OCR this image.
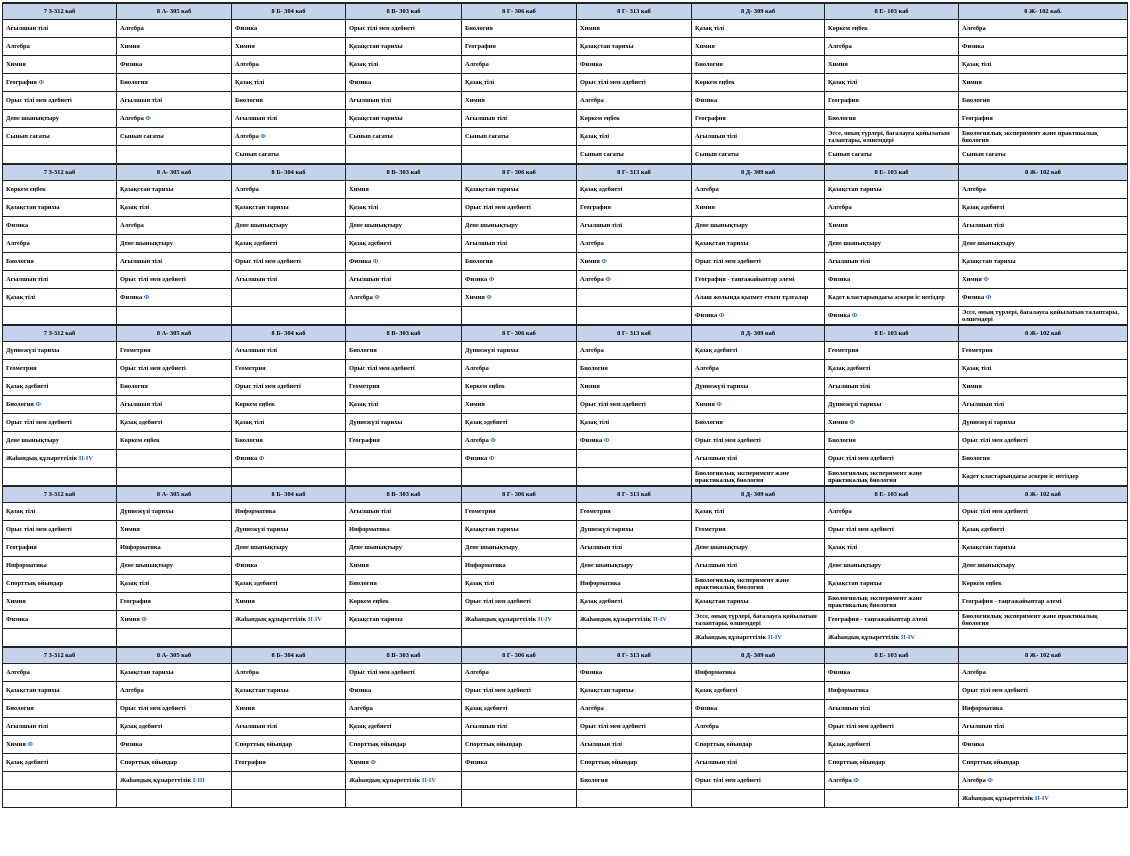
7 З-312 каб	8 А- 305 каб	8 Б- 304 каб	8 В- 303 каб	8 Г- 306 каб	8 Г- 313 каб	8 Д- 309 каб	8 Е- 103 каб	8 Ж- 102 каб.
Ағылшын тілі	Алгебра	Физика	Орыс тілі мен әдебиеті	Биология	Химия	Қазақ тілі	Көркем еңбек	Алгебра
Алгебра	Химия	Химия	Қазақстан тарихы	География	Қазақстан тарихы	Химия	Алгебра	Физика
Химия	Физика	Алгебра	Қазақ тілі	Алгебра	Физика	Биология	Химия	Қазақ тілі
География Ф	Биология	Қазақ тілі	Физика	Қазақ тілі	Орыс тілі мен әдебиеті	Көркем еңбек	Қазақ тілі	Химия
Орыс тілі мен әдебиеті	Ағылшын тілі	Биология	Ағылшын тілі	Химия	Алгебра	Физика	География	Биология
Дене шынықтыру	Алгебра Ф	Ағылшын тілі	Қазақстан тарихы	Ағылшын тілі	Көркем еңбек	География	Биология	География
Сынып сағаты	Сынып сағаты	Алгебра Ф	Сынып сағаты	Сынып сағаты	Қазақ тілі	Ағылшын тілі	Эссе, оның түрлері, бағалауға қойылатын талаптары, өлшемдері	Биологиялық эксперимент және практикалық биология
		Сынып сағаты			Сынып сағаты	Сынып сағаты	Сынып сағаты	Сынып сағаты
7 З-312 каб	8 А- 305 каб	8 Б- 304 каб	8 В- 303 каб	8 Г- 306 каб	8 Г- 313 каб	8 Д- 309 каб	8 Е- 103 каб	8 Ж- 102 каб
Көркем еңбек	Қазақстан тарихы	Алгебра	Химия	Қазақстан тарихы	Қазақ әдебиеті	Алгебра	Қазақстан тарихы	Алгебра
Қазақстан тарихы	Қазақ тілі	Қазақстан тарихы	Қазақ тілі	Орыс тілі мен әдебиеті	География	Химия	Алгебра	Қазақ әдебиеті
Физика	Алгебра	Дене шынықтыру	Дене шынықтыру	Дене шынықтыру	Ағылшын тілі	Дене шынықтыру	Химия	Ағылшын тілі
Алгебра	Дене шынықтыру	Қазақ әдебиеті	Қазақ әдебиеті	Ағылшын тілі	Алгебра	Қазақстан тарихы	Дене шынықтыру	Дене шынықтыру
Биология	Ағылшын тілі	Орыс тілі мен әдебиеті	Физика Ф	Биология	Химия Ф	Орыс тілі мен әдебиеті	Ағылшын тілі	Қазақстан тарихы
Ағылшын тілі	Орыс тілі мен әдебиеті	Ағылшын тілі	Ағылшын тілі	Физика Ф	Алгебра Ф	География - таңғажайыптар әлемі	Физика	Химия Ф
Қазақ тілі	Физика Ф		Алгебра Ф	Химия Ф		Алаш жолында қызмет еткен тұлғалар	Кадет кластарындағы әскери іс негіздер	Физика Ф
						Физика Ф	Физика Ф	Эссе, оның түрлері, бағалауға қойылатын талаптары, өлшемдері
7 З-312 каб	8 А- 305 каб	8 Б- 304 каб	8 В- 303 каб	8 Г- 306 каб	8 Г- 313 каб	8 Д- 309 каб	8 Е- 103 каб	8 Ж- 102 каб
Дүниежүзі тарихы	Геометрия	Ағылшын тілі	Биология	Дүниежүзі тарихы	Алгебра	Қазақ әдебиеті	Геометрия	Геометрия
Геометрия	Орыс тілі мен әдебиеті	Геометрия	Орыс тілі мен әдебиеті	Алгебра	Биология	Алгебра	Қазақ әдебиеті	Қазақ тілі
Қазақ әдебиеті	Биология	Орыс тілі мен әдебиеті	Геометрия	Көркем еңбек	Химия	Дүниежүзі тарихы	Ағылшын тілі	Химия
Биология Ф	Ағылшын тілі	Көркем еңбек	Қазақ тілі	Химия	Орыс тілі мен әдебиеті	Химия Ф	Дүниежүзі тарихы	Ағылшын тілі
Орыс тілі мен әдебиеті	Қазақ әдебиеті	Қазақ тілі	Дүниежүзі тарихы	Қазақ әдебиеті	Қазақ тілі	Биология	Химия Ф	Дүниежүзі тарихы
Дене шынықтыру	Көркем еңбек	Биология	География	Алгебра Ф	Физика Ф	Орыс тілі мен әдебиеті	Биология	Орыс тілі мен әдебиеті
Жаһандық құзыреттілік II-IV		Физика Ф		Физика Ф		Ағылшын тілі	Орыс тілі мен әдебиеті	Биология
						Биологиялық эксперимент және практикалық биология	Биологиялық эксперимент және практикалық биология	Кадет кластарындағы әскери іс негіздер
7 З-312 каб	8 А- 305 каб	8 Б- 304 каб	8 В- 303 каб	8 Г- 306 каб	8 Г- 313 каб	8 Д- 309 каб	8 Е- 103 каб	8 Ж- 102 каб
Қазақ тілі	Дүниежүзі тарихы	Информатика	Ағылшын тілі	Геометрия	Геометрия	Қазақ тілі	Алгебра	Орыс тілі мен әдебиеті
Орыс тілі мен әдебиеті	Химия	Дүниежүзі тарихы	Информатика	Қазақстан тарихы	Дүниежүзі тарихы	Геометрия	Орыс тілі мен әдебиеті	Қазақ әдебиеті
География	Информатика	Дене шынықтыру	Дене шынықтыру	Дене шынықтыру	Ағылшын тілі	Дене шынықтыру	Қазақ тілі	Қазақстан тарихы
Информатика	Дене шынықтыру	Физика	Химия	Информатика	Дене шынықтыру	Ағылшын тілі	Дене шынықтыру	Дене шынықтыру
Спорттық ойындар	Қазақ тілі	Қазақ әдебиеті	Биология	Қазақ тілі	Информатика	Биологиялық эксперимент және практикалық биология	Қазақстан тарихы	Көркем еңбек
Химия	География	Химия	Көркем еңбек	Орыс тілі мен әдебиеті	Қазақ әдебиеті	Қазақстан тарихы	Биологиялық эксперимент және практикалық биология	География - таңғажайыптар әлемі
Физика	Химия Ф	Жаһандық құзыреттілік II-IV	Қазақстан тарихы	Жаһандық құзыреттілік II-IV	Жаһандық құзыреттілік II-IV	Эссе, оның түрлері, бағалауға қойылатын талаптары, өлшемдері	География - таңғажайыптар әлемі	Биологиялық эксперимент және практикалық биология
						Жаһандық құзыреттілік II-IV	Жаһандық құзыреттілік II-IV	
7 З-312 каб	8 А- 305 каб	8 Б- 304 каб	8 В- 303 каб	8 Г- 306 каб	8 Г- 313 каб	8 Д- 309 каб	8 Е- 103 каб	8 Ж- 102 каб
Алгебра	Қазақстан тарихы	Алгебра	Орыс тілі мен әдебиеті	Алгебра	Физика	Информатика	Физика	Алгебра
Қазақстан тарихы	Алгебра	Қазақстан тарихы	Физика	Орыс тілі мен әдебиеті	Қазақстан тарихы	Қазақ әдебиеті	Информатика	Орыс тілі мен әдебиеті
Биология	Орыс тілі мен әдебиеті	Химия	Алгебра	Қазақ әдебиеті	Алгебра	Физика	Ағылшын тілі	Информатика
Ағылшын тілі	Қазақ әдебиеті	Ағылшын тілі	Қазақ әдебиеті	Ағылшын тілі	Орыс тілі мен әдебиеті	Алгебра	Орыс тілі мен әдебиеті	Ағылшын тілі
Химия Ф	Физика	Спорттық ойындар	Спорттық ойындар	Спорттық ойындар	Ағылшын тілі	Спорттық ойындар	Қазақ әдебиеті	Физика
Қазақ әдебиеті	Спорттық ойындар	География	Химия Ф	Физика	Спорттық ойындар	Ағылшын тілі	Спорттық ойындар	Спорттық ойындар
	Жаһандық құзыреттілік I-III		Жаһандық құзыреттілік II-IV		Биология	Орыс тілі мен әдебиеті	Алгебра Ф	Алгебра Ф
								Жаһандық құзыреттілік II-IV
